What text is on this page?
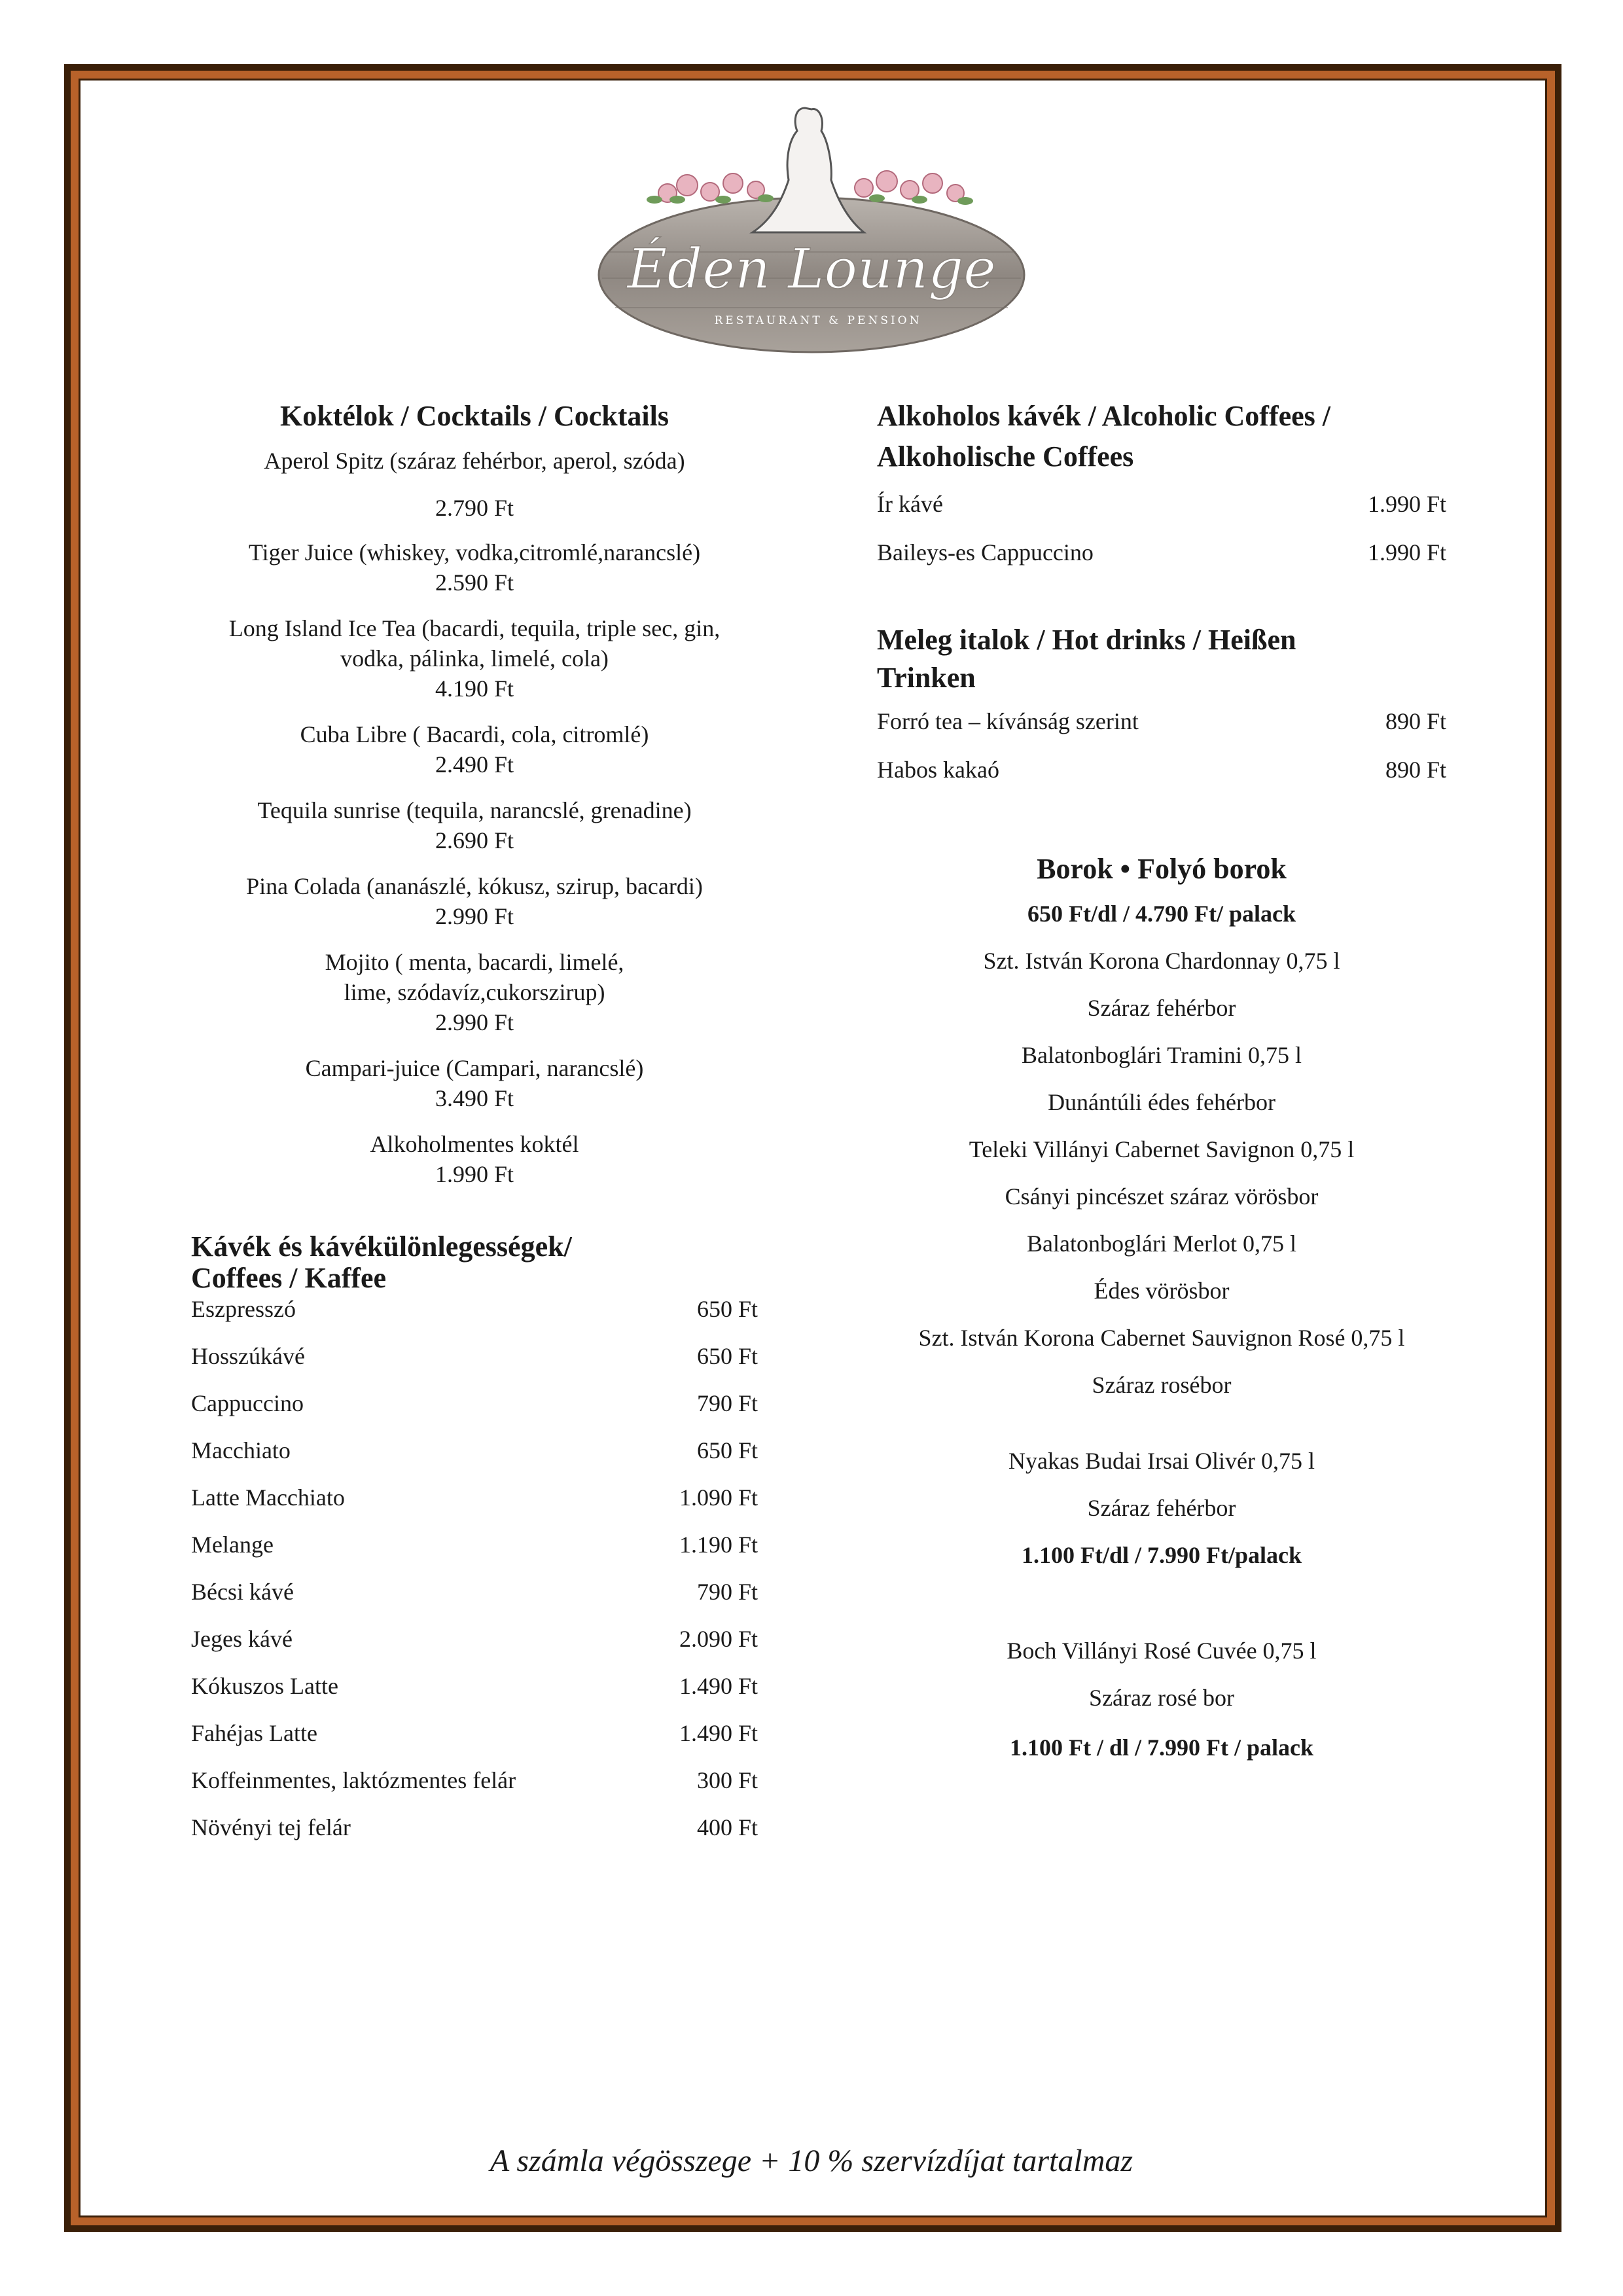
Éden Lounge
RESTAURANT & PENSION
Koktélok / Cocktails / Cocktails
Aperol Spitz (száraz fehérbor, aperol, szóda)
2.790 Ft
Tiger Juice (whiskey, vodka,citromlé,narancslé)
2.590 Ft
Long Island Ice Tea (bacardi, tequila, triple sec, gin, vodka, pálinka, limelé, cola)
4.190 Ft
Cuba Libre ( Bacardi, cola, citromlé)
2.490 Ft
Tequila sunrise (tequila, narancslé, grenadine)
2.690 Ft
Pina Colada (ananászlé, kókusz, szirup, bacardi)
2.990 Ft
Mojito ( menta, bacardi, limelé, lime, szódavíz,cukorszirup)
2.990 Ft
Campari-juice (Campari, narancslé)
3.490 Ft
Alkoholmentes koktél
1.990 Ft
Kávék és kávékülönlegességek/
Coffees / Kaffee
Eszpresszó	650 Ft
Hosszúkávé	650 Ft
Cappuccino	790 Ft
Macchiato	650 Ft
Latte Macchiato	1.090 Ft
Melange	1.190 Ft
Bécsi kávé	790 Ft
Jeges kávé	2.090 Ft
Kókuszos Latte	1.490 Ft
Fahéjas Latte	1.490 Ft
Koffeinmentes, laktózmentes felár	300 Ft
Növényi tej felár	400 Ft
Alkoholos kávék / Alcoholic Coffees /
Alkoholische Coffees
Ír kávé	1.990 Ft
Baileys-es Cappuccino	1.990 Ft
Meleg italok / Hot drinks / Heißen
Trinken
Forró tea – kívánság szerint	890 Ft
Habos kakaó	890 Ft
Borok • Folyó borok
650 Ft/dl / 4.790 Ft/ palack
Szt. István Korona Chardonnay 0,75 l
Száraz fehérbor
Balatonboglári Tramini 0,75 l
Dunántúli édes fehérbor
Teleki Villányi Cabernet Savignon 0,75 l
Csányi pincészet száraz vörösbor
Balatonboglári Merlot 0,75 l
Édes vörösbor
Szt. István Korona Cabernet Sauvignon Rosé 0,75 l
Száraz rosébor
Nyakas Budai Irsai Olivér 0,75 l
Száraz fehérbor
1.100 Ft/dl / 7.990 Ft/palack
Boch Villányi Rosé Cuvée 0,75 l
Száraz rosé bor
1.100 Ft / dl / 7.990 Ft / palack
A számla végösszege + 10 % szervízdíjat tartalmaz
